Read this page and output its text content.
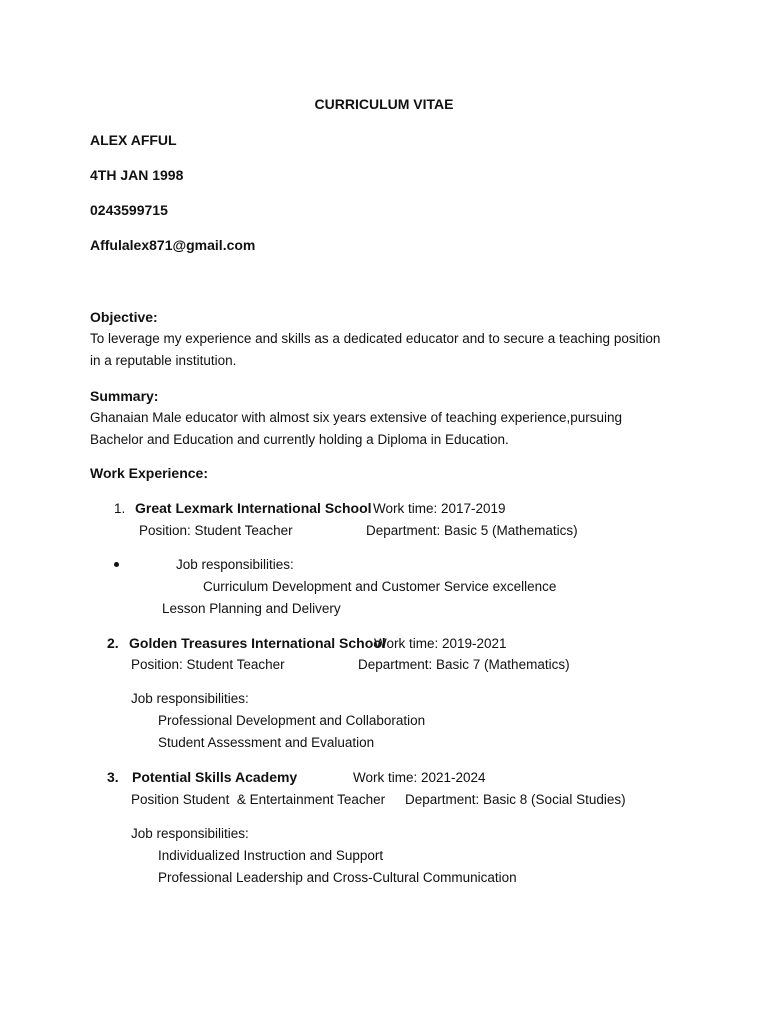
CURRICULUM VITAE
ALEX AFFUL
4TH JAN 1998
0243599715
Affulalex871@gmail.com
Objective:
To leverage my experience and skills as a dedicated educator and to secure a teaching position
in a reputable institution.
Summary:
Ghanaian Male educator with almost six years extensive of teaching experience,pursuing
Bachelor and Education and currently holding a Diploma in Education.
Work Experience:
1. Great Lexmark International School Work time: 2017-2019
Position: Student Teacher	Department: Basic 5 (Mathematics)
Job responsibilities:
Curriculum Development and Customer Service excellence
Lesson Planning and Delivery
2. Golden Treasures International School
Work time: 2019-2021
Position: Student Teacher	Department: Basic 7 (Mathematics)
Job responsibilities:
Professional Development and Collaboration
Student Assessment and Evaluation
3. Potential Skills Academy	Work time: 2021-2024
Position Student  & Entertainment Teacher Department: Basic 8 (Social Studies)
Job responsibilities:
Individualized Instruction and Support
Professional Leadership and Cross-Cultural Communication
